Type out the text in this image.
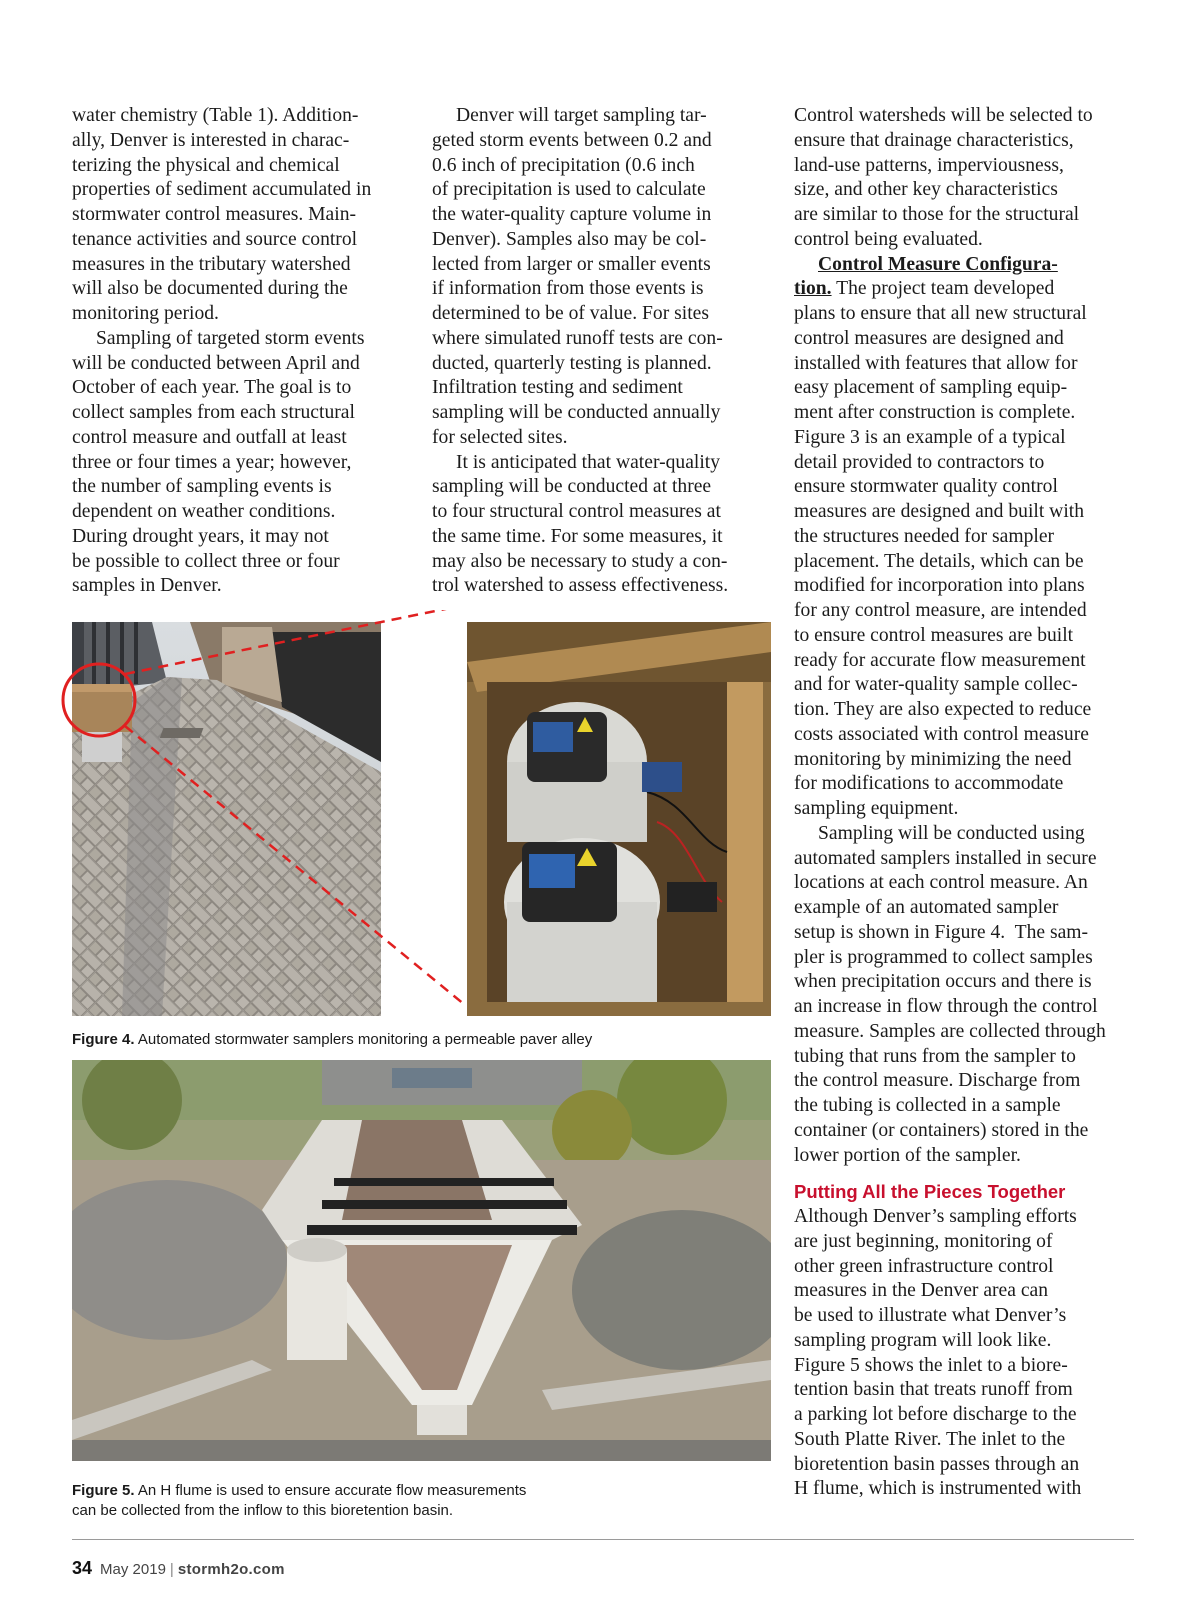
water chemistry (Table 1). Addition-

ally, Denver is interested in charac-

terizing the physical and chemical

properties of sediment accumulated in

stormwater control measures. Main-

tenance activities and source control

measures in the tributary watershed

will also be documented during the

monitoring period.

Sampling of targeted storm events

will be conducted between April and

October of each year. The goal is to

collect samples from each structural

control measure and outfall at least

three or four times a year; however,

the number of sampling events is

dependent on weather conditions.

During drought years, it may not

be possible to collect three or four

samples in Denver.

Denver will target sampling tar-

geted storm events between 0.2 and

0.6 inch of precipitation (0.6 inch

of precipitation is used to calculate

the water-quality capture volume in

Denver). Samples also may be col-

lected from larger or smaller events

if information from those events is

determined to be of value. For sites

where simulated runoff tests are con-

ducted, quarterly testing is planned.

Infiltration testing and sediment

sampling will be conducted annually

for selected sites.

It is anticipated that water-quality

sampling will be conducted at three

to four structural control measures at

the same time. For some measures, it

may also be necessary to study a con-

trol watershed to assess effectiveness.

Control watersheds will be selected to

ensure that drainage characteristics,

land-use patterns, imperviousness,

size, and other key characteristics

are similar to those for the structural

control being evaluated.

Control Measure Configura-

tion. The project team developed

plans to ensure that all new structural

control measures are designed and

installed with features that allow for

easy placement of sampling equip-

ment after construction is complete.

Figure 3 is an example of a typical

detail provided to contractors to

ensure stormwater quality control

measures are designed and built with

the structures needed for sampler

placement. The details, which can be

modified for incorporation into plans

for any control measure, are intended

to ensure control measures are built

ready for accurate flow measurement

and for water-quality sample collec-

tion. They are also expected to reduce

costs associated with control measure

monitoring by minimizing the need

for modifications to accommodate

sampling equipment.

Sampling will be conducted using

automated samplers installed in secure

locations at each control measure. An

example of an automated sampler

setup is shown in Figure 4.  The sam-

pler is programmed to collect samples

when precipitation occurs and there is

an increase in flow through the control

measure. Samples are collected through

tubing that runs from the sampler to

the control measure. Discharge from

the tubing is collected in a sample

container (or containers) stored in the

lower portion of the sampler.

Putting All the Pieces Together

Although Denver’s sampling efforts

are just beginning, monitoring of

other green infrastructure control

measures in the Denver area can

be used to illustrate what Denver’s

sampling program will look like.

Figure 5 shows the inlet to a biore-

tention basin that treats runoff from

a parking lot before discharge to the

South Platte River. The inlet to the

bioretention basin passes through an

H flume, which is instrumented with

Figure 4. Automated stormwater samplers monitoring a permeable paver alley

Figure 5. An H flume is used to ensure accurate flow measurements

can be collected from the inflow to this bioretention basin.

34 May 2019 | stormh2o.com
